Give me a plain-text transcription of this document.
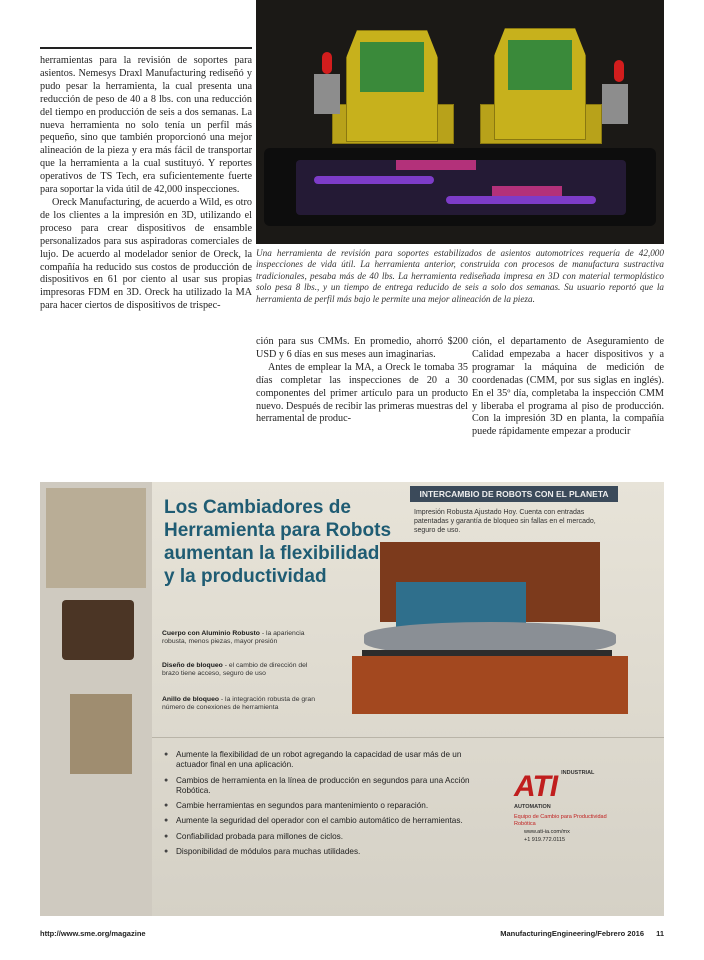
herramientas para la revisión de soportes para asientos. Nemesys Draxl Manufacturing rediseñó y pudo pesar la herramienta, la cual presenta una reducción de peso de 40 a 8 lbs. con una reducción del tiempo en producción de seis a dos semanas. La nueva herramienta no solo tenía un perfil más pequeño, sino que también proporcionó una mejor alineación de la pieza y era más fácil de transportar que la herramienta a la cual sustituyó. Y reportes operativos de TS Tech, era suficientemente fuerte para soportar la vida útil de 42,000 inspecciones.

Oreck Manufacturing, de acuerdo a Wild, es otro de los clientes a la impresión en 3D, utilizando el proceso para crear dispositivos de ensamble personalizados para sus aspiradoras comerciales de lujo. De acuerdo al modelador senior de Oreck, la compañía ha reducido sus costos de producción de dispositivos en 61 por ciento al usar sus propias impresoras FDM en 3D. Oreck ha utilizado la MA para hacer ciertos de dispositivos de trispec-

Una herramienta de revisión para soportes estabilizados de asientos automotrices requería de 42,000 inspecciones de vida útil. La herramienta anterior, construida con procesos de manufactura sustractiva tradicionales, pesaba más de 40 lbs. La herramienta rediseñada impresa en 3D con material termoplástico solo pesa 8 lbs., y un tiempo de entrega reducido de seis a solo dos semanas. Su usuario reportó que la herramienta de perfil más bajo le permite una mejor alineación de la pieza.

ción para sus CMMs. En promedio, ahorró $200 USD y 6 días en sus meses aun imaginarias.

Antes de emplear la MA, a Oreck le tomaba 35 días completar las inspecciones de 20 a 30 componentes del primer artículo para un producto nuevo. Después de recibir las primeras muestras del herramental de produc-

ción, el departamento de Aseguramiento de Calidad empezaba a hacer dispositivos y a programar la máquina de medición de coordenadas (CMM, por sus siglas en inglés). En el 35º día, completaba la inspección CMM y liberaba el programa al piso de producción. Con la impresión 3D en planta, la compañía puede rápidamente empezar a producir

Los Cambiadores de Herramienta para Robots aumentan la flexibilidad y la productividad
INTERCAMBIO DE ROBOTS CON EL PLANETA
Impresión Robusta Ajustado Hoy. Cuenta con entradas patentadas y garantía de bloqueo sin fallas en el mercado, seguro de uso.
Cuerpo con Aluminio Robusto - la apariencia robusta, menos piezas, mayor presión
Diseño de bloqueo - el cambio de dirección del brazo tiene acceso, seguro de uso
Anillo de bloqueo - la integración robusta de gran número de conexiones de herramienta
● Aumente la flexibilidad de un robot agregando la capacidad de usar más de un actuador final en una aplicación.
● Cambios de herramienta en la línea de producción en segundos para una Acción Robótica.
● Cambie herramientas en segundos para mantenimiento o reparación.
● Aumente la seguridad del operador con el cambio automático de herramientas.
● Confiabilidad probada para millones de ciclos.
● Disponibilidad de módulos para muchas utilidades.
ATI $^{INDUSTRIAL AUTOMATION}$
Equipo de Cambio para Productividad Robótica
www.ati-ia.com/mx
+1 919.772.0115
http://www.sme.org/magazine	ManufacturingEngineering/Febrero 2016 11
